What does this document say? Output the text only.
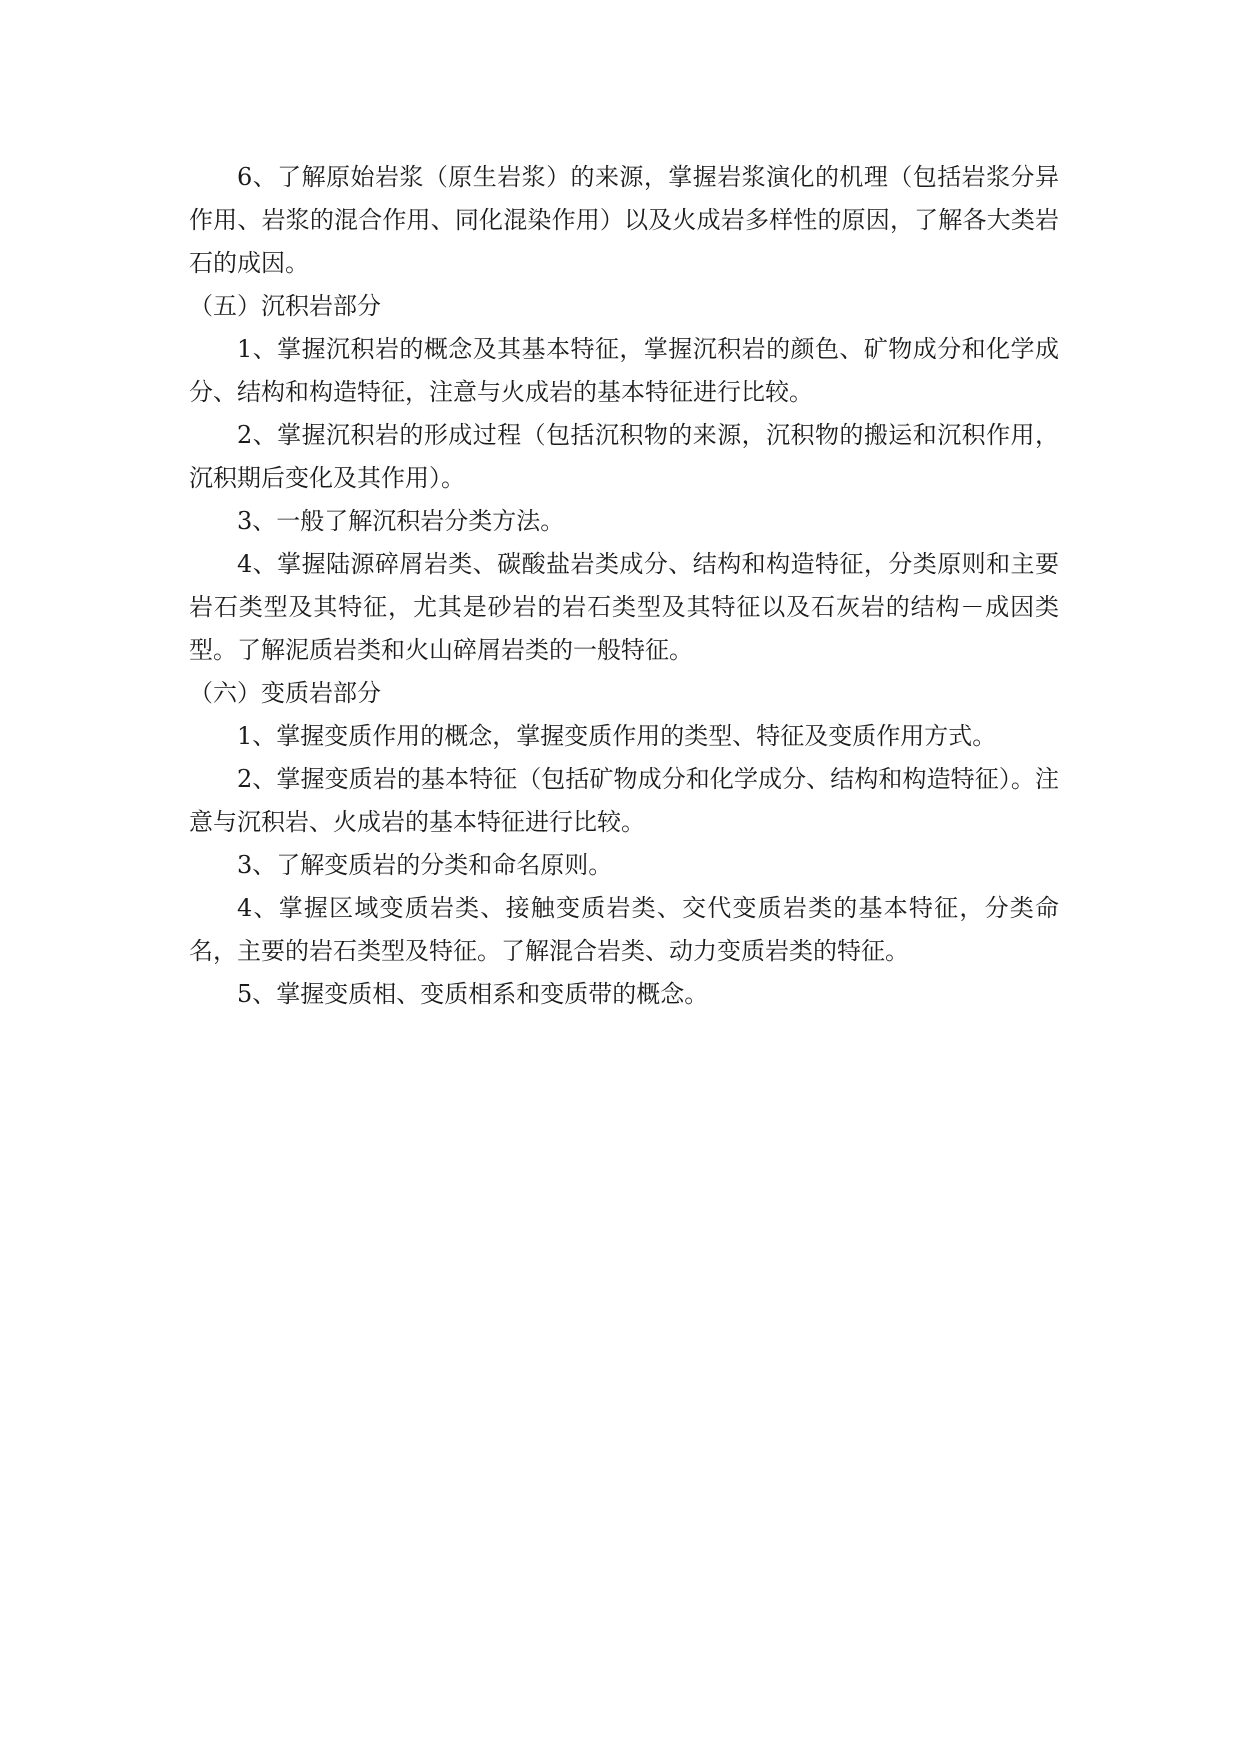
6、了解原始岩浆（原生岩浆）的来源，掌握岩浆演化的机理（包括岩浆分异作用、岩浆的混合作用、同化混染作用）以及火成岩多样性的原因，了解各大类岩石的成因。

（五）沉积岩部分

1、掌握沉积岩的概念及其基本特征，掌握沉积岩的颜色、矿物成分和化学成分、结构和构造特征，注意与火成岩的基本特征进行比较。

2、掌握沉积岩的形成过程（包括沉积物的来源，沉积物的搬运和沉积作用，沉积期后变化及其作用）。

3、一般了解沉积岩分类方法。

4、掌握陆源碎屑岩类、碳酸盐岩类成分、结构和构造特征，分类原则和主要岩石类型及其特征，尤其是砂岩的岩石类型及其特征以及石灰岩的结构－成因类型。了解泥质岩类和火山碎屑岩类的一般特征。

（六）变质岩部分

1、掌握变质作用的概念，掌握变质作用的类型、特征及变质作用方式。

2、掌握变质岩的基本特征（包括矿物成分和化学成分、结构和构造特征）。注意与沉积岩、火成岩的基本特征进行比较。

3、了解变质岩的分类和命名原则。

4、掌握区域变质岩类、接触变质岩类、交代变质岩类的基本特征，分类命名，主要的岩石类型及特征。了解混合岩类、动力变质岩类的特征。

5、掌握变质相、变质相系和变质带的概念。
